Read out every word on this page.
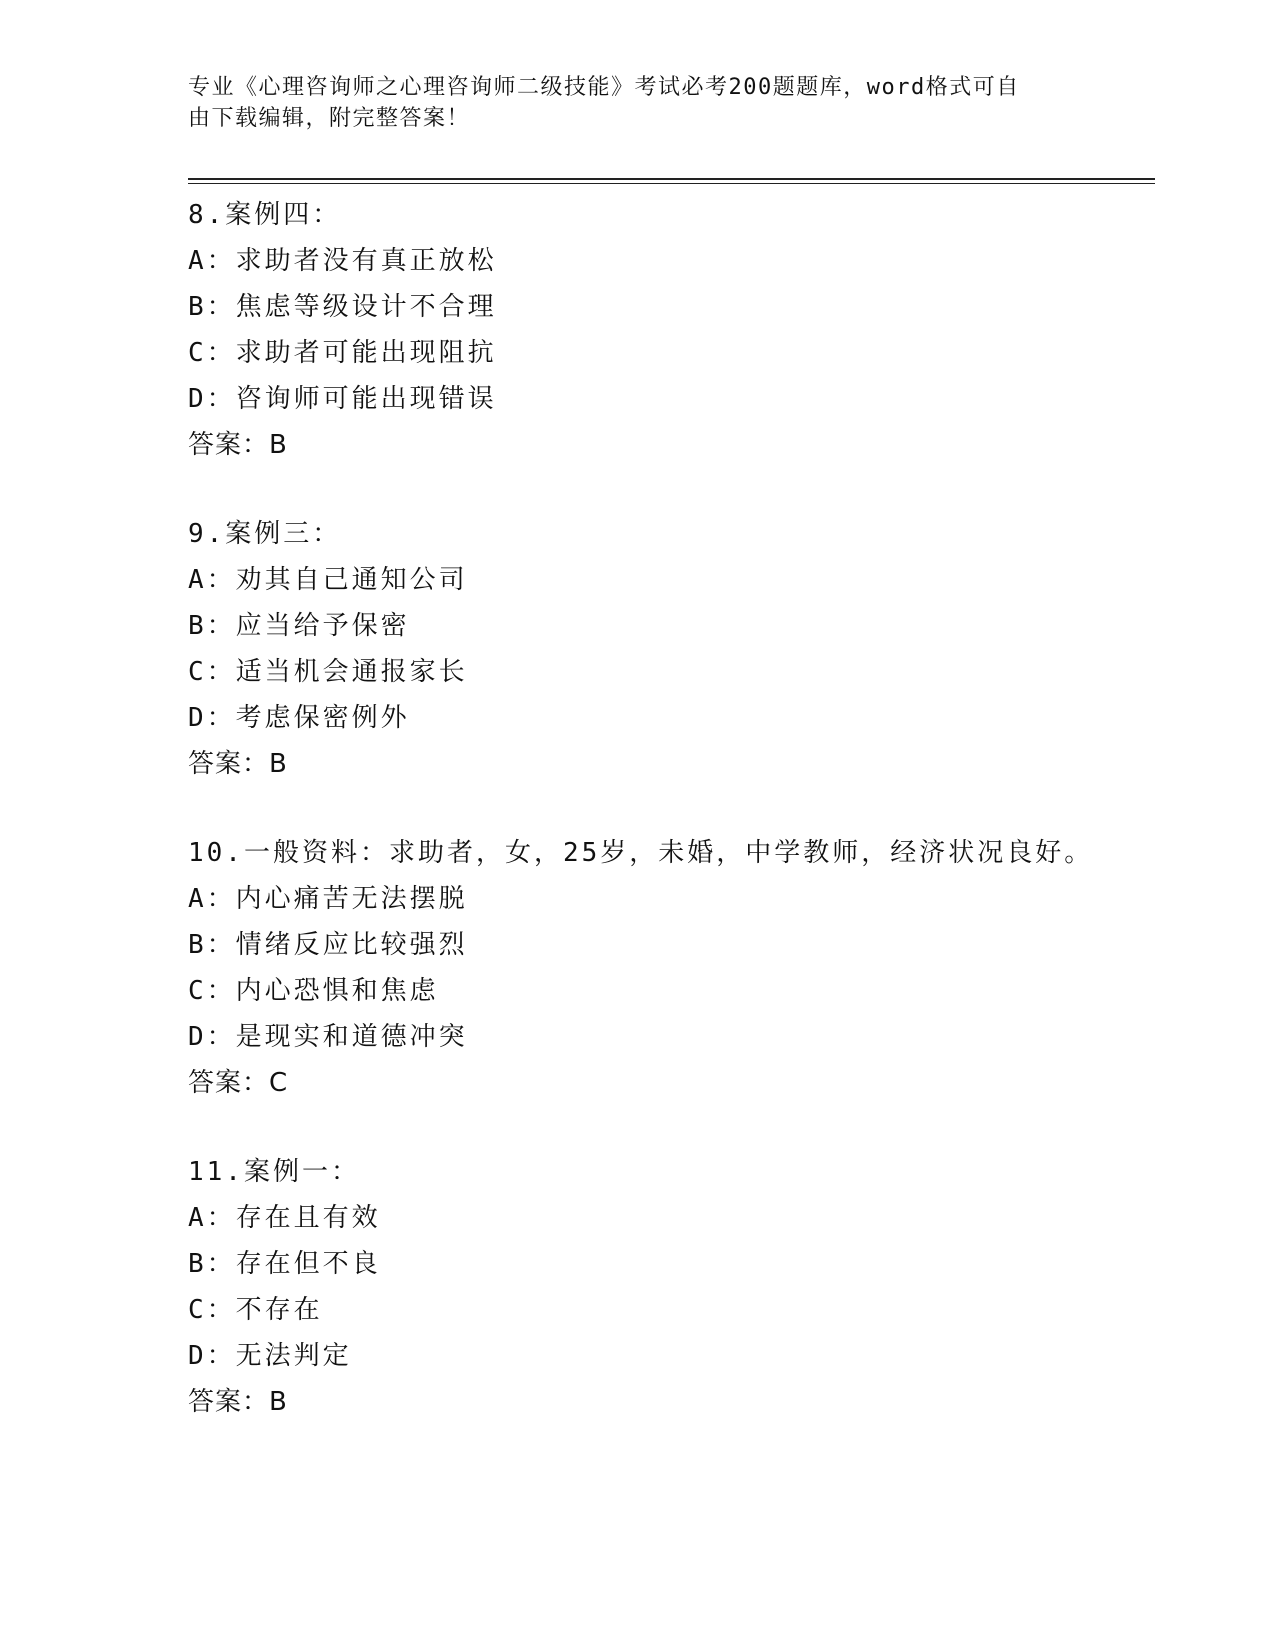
专业《心理咨询师之心理咨询师二级技能》考试必考200题题库，word格式可自
由下载编辑，附完整答案！
8.案例四：
A：求助者没有真正放松
B：焦虑等级设计不合理
C：求助者可能出现阻抗
D：咨询师可能出现错误
答案：B
9.案例三：
A：劝其自己通知公司
B：应当给予保密
C：适当机会通报家长
D：考虑保密例外
答案：B
10.一般资料：求助者，女，25岁，未婚，中学教师，经济状况良好。
A：内心痛苦无法摆脱
B：情绪反应比较强烈
C：内心恐惧和焦虑
D：是现实和道德冲突
答案：C
11.案例一：
A：存在且有效
B：存在但不良
C：不存在
D：无法判定
答案：B
